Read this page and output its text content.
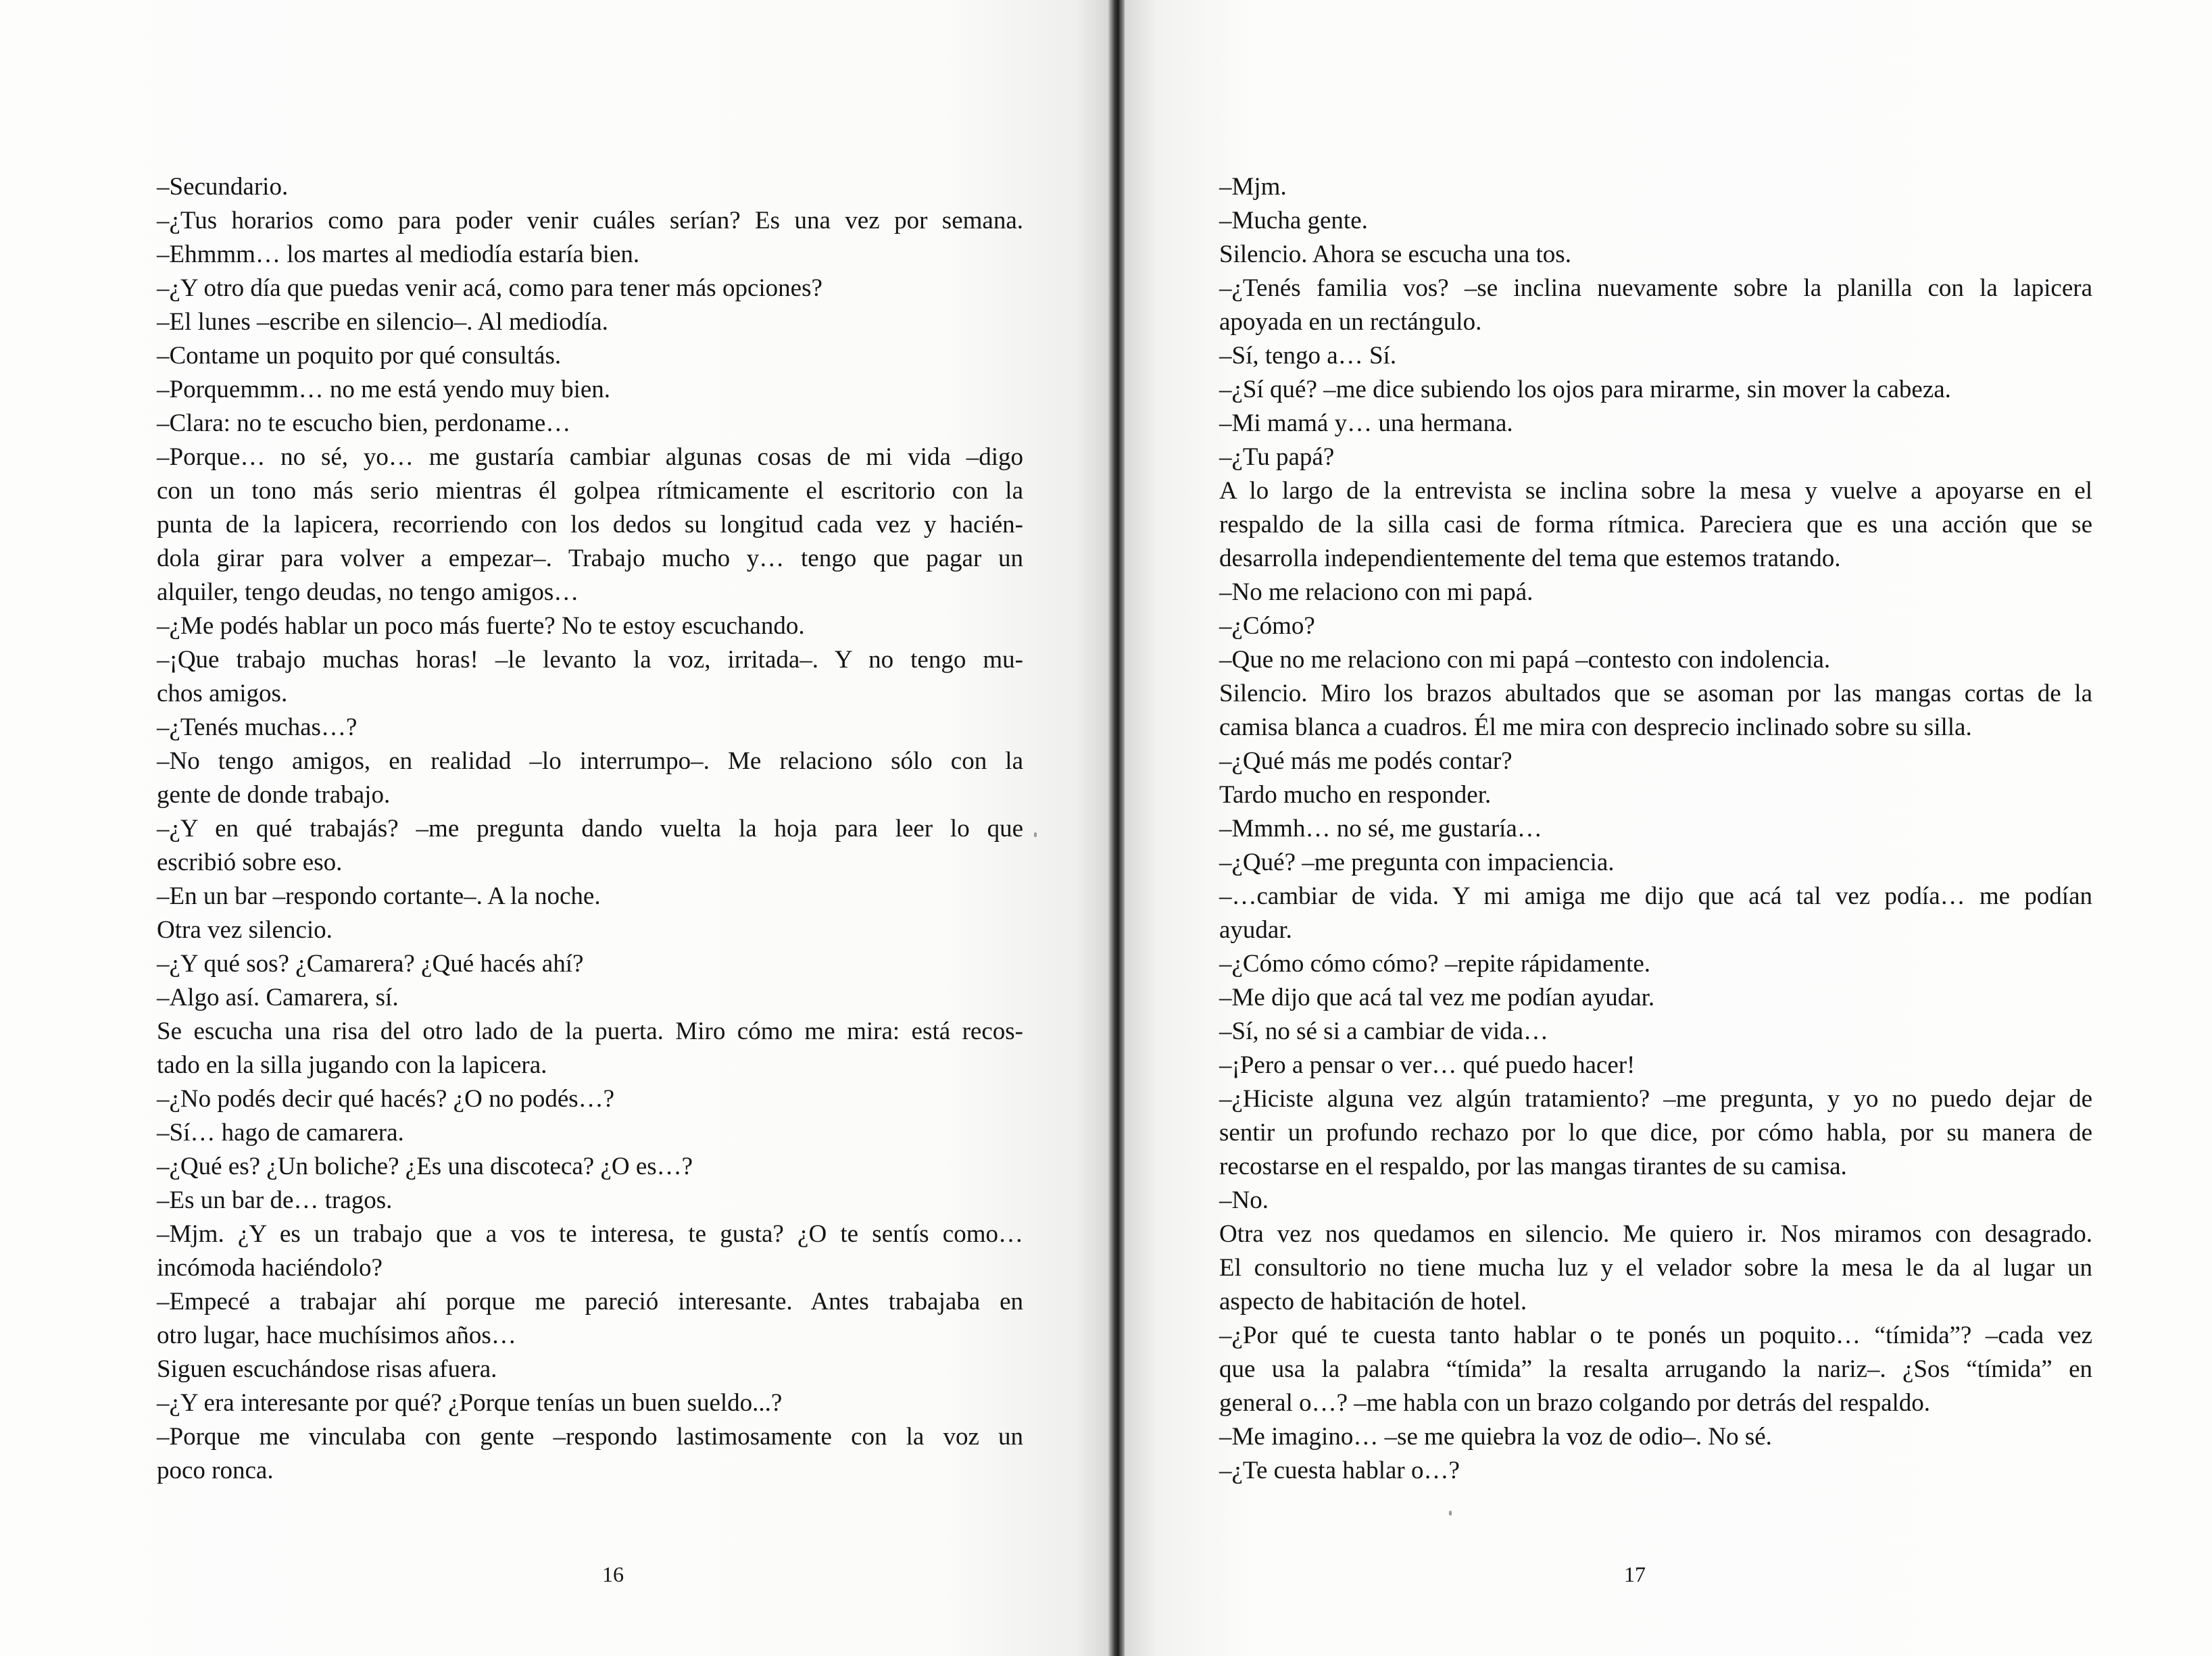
–Secundario.
–¿Tus horarios como para poder venir cuáles serían? Es una vez por semana.
–Ehmmm… los martes al mediodía estaría bien.
–¿Y otro día que puedas venir acá, como para tener más opciones?
–El lunes –escribe en silencio–. Al mediodía.
–Contame un poquito por qué consultás.
–Porquemmm… no me está yendo muy bien.
–Clara: no te escucho bien, perdoname…
–Porque… no sé, yo… me gustaría cambiar algunas cosas de mi vida –digo
con un tono más serio mientras él golpea rítmicamente el escritorio con la
punta de la lapicera, recorriendo con los dedos su longitud cada vez y hacién-
dola girar para volver a empezar–. Trabajo mucho y… tengo que pagar un
alquiler, tengo deudas, no tengo amigos…
–¿Me podés hablar un poco más fuerte? No te estoy escuchando.
–¡Que trabajo muchas horas! –le levanto la voz, irritada–. Y no tengo mu-
chos amigos.
–¿Tenés muchas…?
–No tengo amigos, en realidad –lo interrumpo–. Me relaciono sólo con la
gente de donde trabajo.
–¿Y en qué trabajás? –me pregunta dando vuelta la hoja para leer lo que
escribió sobre eso.
–En un bar –respondo cortante–. A la noche.
Otra vez silencio.
–¿Y qué sos? ¿Camarera? ¿Qué hacés ahí?
–Algo así. Camarera, sí.
Se escucha una risa del otro lado de la puerta. Miro cómo me mira: está recos-
tado en la silla jugando con la lapicera.
–¿No podés decir qué hacés? ¿O no podés…?
–Sí… hago de camarera.
–¿Qué es? ¿Un boliche? ¿Es una discoteca? ¿O es…?
–Es un bar de… tragos.
–Mjm. ¿Y es un trabajo que a vos te interesa, te gusta? ¿O te sentís como…
incómoda haciéndolo?
–Empecé a trabajar ahí porque me pareció interesante. Antes trabajaba en
otro lugar, hace muchísimos años…
Siguen escuchándose risas afuera.
–¿Y era interesante por qué? ¿Porque tenías un buen sueldo...?
–Porque me vinculaba con gente –respondo lastimosamente con la voz un
poco ronca.
16
–Mjm.
–Mucha gente.
Silencio. Ahora se escucha una tos.
–¿Tenés familia vos? –se inclina nuevamente sobre la planilla con la lapicera
apoyada en un rectángulo.
–Sí, tengo a… Sí.
–¿Sí qué? –me dice subiendo los ojos para mirarme, sin mover la cabeza.
–Mi mamá y… una hermana.
–¿Tu papá?
A lo largo de la entrevista se inclina sobre la mesa y vuelve a apoyarse en el
respaldo de la silla casi de forma rítmica. Pareciera que es una acción que se
desarrolla independientemente del tema que estemos tratando.
–No me relaciono con mi papá.
–¿Cómo?
–Que no me relaciono con mi papá –contesto con indolencia.
Silencio. Miro los brazos abultados que se asoman por las mangas cortas de la
camisa blanca a cuadros. Él me mira con desprecio inclinado sobre su silla.
–¿Qué más me podés contar?
Tardo mucho en responder.
–Mmmh… no sé, me gustaría…
–¿Qué? –me pregunta con impaciencia.
–…cambiar de vida. Y mi amiga me dijo que acá tal vez podía… me podían
ayudar.
–¿Cómo cómo cómo? –repite rápidamente.
–Me dijo que acá tal vez me podían ayudar.
–Sí, no sé si a cambiar de vida…
–¡Pero a pensar o ver… qué puedo hacer!
–¿Hiciste alguna vez algún tratamiento? –me pregunta, y yo no puedo dejar de
sentir un profundo rechazo por lo que dice, por cómo habla, por su manera de
recostarse en el respaldo, por las mangas tirantes de su camisa.
–No.
Otra vez nos quedamos en silencio. Me quiero ir. Nos miramos con desagrado.
El consultorio no tiene mucha luz y el velador sobre la mesa le da al lugar un
aspecto de habitación de hotel.
–¿Por qué te cuesta tanto hablar o te ponés un poquito… “tímida”? –cada vez
que usa la palabra “tímida” la resalta arrugando la nariz–. ¿Sos “tímida” en
general o…? –me habla con un brazo colgando por detrás del respaldo.
–Me imagino… –se me quiebra la voz de odio–. No sé.
–¿Te cuesta hablar o…?
17
